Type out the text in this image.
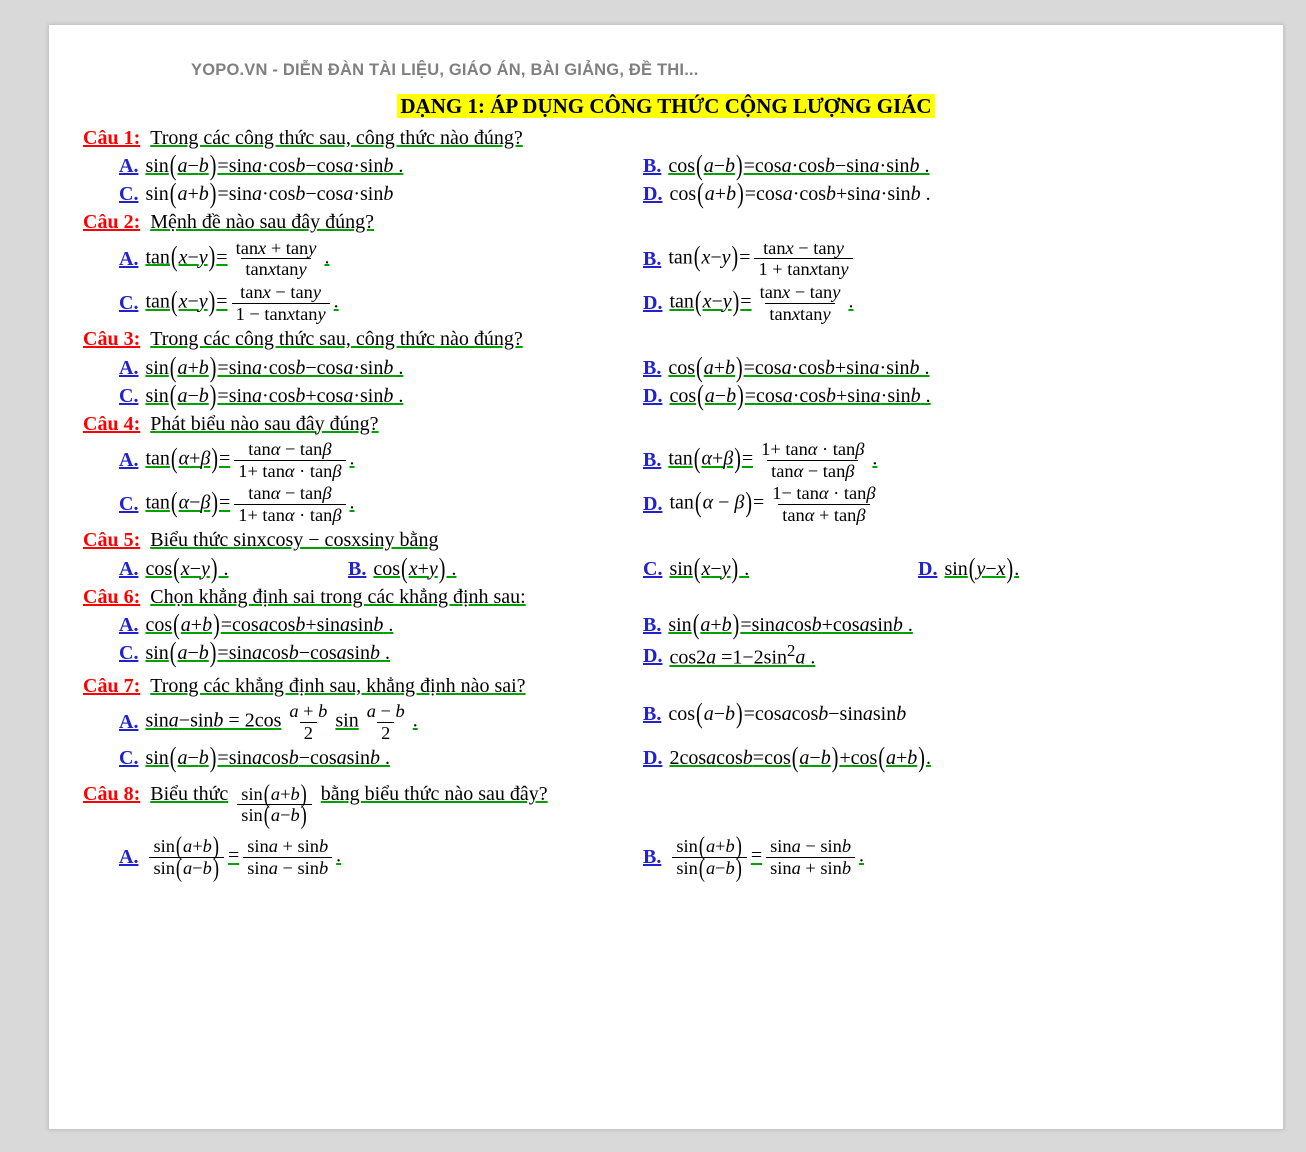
YOPO.VN - DIỄN ĐÀN TÀI LIỆU, GIÁO ÁN, BÀI GIẢNG, ĐỀ THI...
DẠNG 1: ÁP DỤNG CÔNG THỨC CỘNG LƯỢNG GIÁC
Câu 1: Trong các công thức sau, công thức nào đúng?
A. sin(a−b)=sina·cosb−cosa·sinb .	B. cos(a−b)=cosa·cosb−sina·sinb .
C. sin(a+b)=sina·cosb−cosa·sinb	D. cos(a+b)=cosa·cosb+sina·sinb .
Câu 2: Mệnh đề nào sau đây đúng?
A. $\tan(x-y)= \frac{\tan x + \tan y}{\text{tanxtany}}$ .	B. $\tan(x-y)= \frac{\tan x - \tan y}{\text{1 + tanxtany}}$
C. $\tan(x-y)= \frac{\tan x - \tan y}{\text{1 − tanxtany}}$ .	D. $\tan(x-y)= \frac{\tan x - \tan y}{\text{tanxtany}}$ .
Câu 3: Trong các công thức sau, công thức nào đúng?
A. sin(a+b)=sina·cosb−cosa·sinb .	B. cos(a+b)=cosa·cosb+sina·sinb .
C. sin(a−b)=sina·cosb+cosa·sinb .	D. cos(a−b)=cosa·cosb+sina·sinb .
Câu 4: Phát biểu nào sau đây đúng?
A. $\tan(\alpha+\beta)= \frac{\tan\alpha - \tan\beta}{1+ \tan\alpha \cdot \tan\beta}$ .	B. $\tan(\alpha+\beta)= \frac{1+ \tan\alpha \cdot \tan\beta}{\tan\alpha - \tan\beta}$ .
C. $\tan(\alpha-\beta)= \frac{\tan\alpha - \tan\beta}{1+ \tan\alpha \cdot \tan\beta}$ .	D. $\tan(\alpha - \beta)= \frac{1- \tan\alpha \cdot \tan\beta}{\tan\alpha + \tan\beta}$
Câu 5: Biểu thức sinxcosy − cosxsiny bằng
A. cos(x−y) .	B. cos(x+y) .	C. sin(x−y) .	D. sin(y−x).
Câu 6: Chọn khẳng định sai trong các khẳng định sau:
A. cos(a+b)=cosacosb+sinasinb .	B. sin(a+b)=sinacosb+cosasinb .
C. sin(a−b)=sinacosb−cosasinb .	D. $\cos 2a =1-2\sin^2a$ .
Câu 7: Trong các khẳng định sau, khẳng định nào sai?
A. $\sin a-\sin b = 2\cos \frac{a + b}{2}$ $\sin \frac{a - b}{2}$ .	B. cos(a−b)=cosacosb−sinasinb
C. sin(a−b)=sinacosb−cosasinb .	D. 2cosacosb=cos(a−b)+cos(a+b).
Câu 8: Biểu thức $\frac{\sin(a+b)}{\sin(a-b)}$ bằng biểu thức nào sau đây?
A. $\frac{\sin(a+b)}{\sin(a-b)} = \frac{\sin a + \sin b}{\sin a - \sin b}$ .	B. $\frac{\sin(a+b)}{\sin(a-b)} = \frac{\sin a - \sin b}{\sin a + \sin b}$ .
